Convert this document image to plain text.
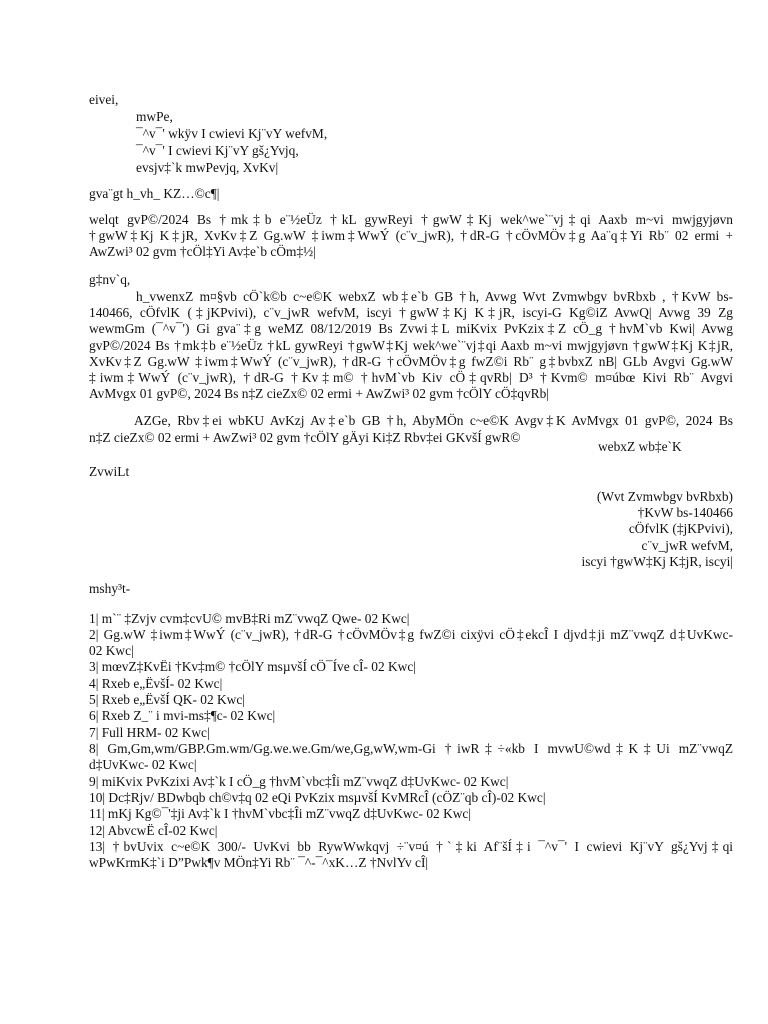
eivei,
mwPe,
¯^v¯' wkÿv I cwievi Kj¨vY wefvM,
¯^v¯' I cwievi Kj¨vY gš¿Yvjq,
evsjv‡`k mwPevjq, XvKv|
gva¨gt h_vh_ KZ…©c¶|
welqt gvP©/2024 Bs †mk‡b e¨½eÜz †kL gywReyi †gwW‡Kj wek^we`¨vj‡qi Aaxb m~vi mwjgyjøvn
†gwW‡Kj K‡jR, XvKv‡Z Gg.wW ‡iwm‡WwÝ (c¨v_jwR), †dR-G †cÖvMÖv‡g Aa¨q‡Yi Rb¨ 02 ermi +
AwZwi³ 02 gvm †cÖl‡Yi Av‡e`b cÖm‡½|
g‡nv`q,
h_vwenxZ m¤§vb cÖ`k©b c~e©K webxZ wb‡e`b GB †h, Avwg Wvt Zvmwbgv bvRbxb , †KvW bs-
140466, cÖfvlK (‡jKPvivi), c¨v_jwR wefvM, iscyi †gwW‡Kj K‡jR, iscyi-G Kg©iZ AvwQ| Avwg 39 Zg
wewmGm (¯^v¯') Gi gva¨‡g weMZ 08/12/2019 Bs Zvwi‡L miKvix PvKzix‡Z cÖ_g †hvM`vb Kwi| Avwg
gvP©/2024 Bs †mk‡b e¨½eÜz †kL gywReyi †gwW‡Kj wek^we`¨vj‡qi Aaxb m~vi mwjgyjøvn †gwW‡Kj K‡jR,
XvKv‡Z Gg.wW ‡iwm‡WwÝ (c¨v_jwR), †dR-G †cÖvMÖv‡g fwZ©i Rb¨ g‡bvbxZ nB| GLb Avgvi Gg.wW
‡iwm‡WwÝ (c¨v_jwR), †dR-G †Kv‡m© †hvM`vb Kiv cÖ‡qvRb| D³ †Kvm© m¤úbœ Kivi Rb¨ Avgvi
AvMvgx 01 gvP©, 2024 Bs n‡Z cieZx© 02 ermi + AwZwi³ 02 gvm †cÖlY cÖ‡qvRb|
AZGe, Rbv‡ei wbKU AvKzj Av‡e`b GB †h, AbyMÖn c~e©K Avgv‡K AvMvgx 01 gvP©, 2024 Bs
n‡Z cieZx© 02 ermi + AwZwi³ 02 gvm †cÖlY gÄyi Ki‡Z Rbv‡ei GKvšÍ gwR©
webxZ wb‡e`K
ZvwiLt
(Wvt Zvmwbgv bvRbxb)
†KvW bs-140466
cÖfvlK (‡jKPvivi),
c¨v_jwR wefvM,
iscyi †gwW‡Kj K‡jR, iscyi|
mshy³t-
1| m`¨ ‡Zvjv cvm‡cvU© mvB‡Ri mZ¨vwqZ Qwe- 02 Kwc|
2| Gg.wW ‡iwm‡WwÝ (c¨v_jwR), †dR-G †cÖvMÖv‡g fwZ©i cixÿvi cÖ‡ekcÎ I djvd‡ji mZ¨vwqZ d‡UvKwc-
02 Kwc|
3| mœvZ‡KvËi †Kv‡m© †cÖlY msµvšÍ cÖ¯Íve cÎ- 02 Kwc|
4| Rxeb e„ËvšÍ- 02 Kwc|
5| Rxeb e„ËvšÍ QK- 02 Kwc|
6| Rxeb Z_¨ i mvi-ms‡¶c- 02 Kwc|
7| Full HRM- 02 Kwc|
8| Gm,Gm,wm/GBP.Gm.wm/Gg.we.we.Gm/we,Gg,wW,wm-Gi †iwR‡÷«kb I mvwU©wd‡K‡Ui mZ¨vwqZ
d‡UvKwc- 02 Kwc|
9| miKvix PvKzixi Av‡`k I cÖ_g †hvM`vbc‡Îi mZ¨vwqZ d‡UvKwc- 02 Kwc|
10| Dc‡Rjv/ BDwbqb ch©v‡q 02 eQi PvKzix msµvšÍ KvMRcÎ (cÖZ¨qb cÎ)-02 Kwc|
11| mKj Kg©¯'‡ji Av‡`k I †hvM`vbc‡Îi mZ¨vwqZ d‡UvKwc- 02 Kwc|
12| AbvcwË cÎ-02 Kwc|
13| †bvUvix c~e©K 300/- UvKvi bb RywWwkqvj ÷¨v¤ú †`‡ki Af¨šÍ‡i ¯^v¯' I cwievi Kj¨vY gš¿Yvj‡qi
wPwKrmK‡`i D”Pwk¶v MÖn‡Yi Rb¨ ¯^-¯^xK…Z †NvlYv cÎ|
